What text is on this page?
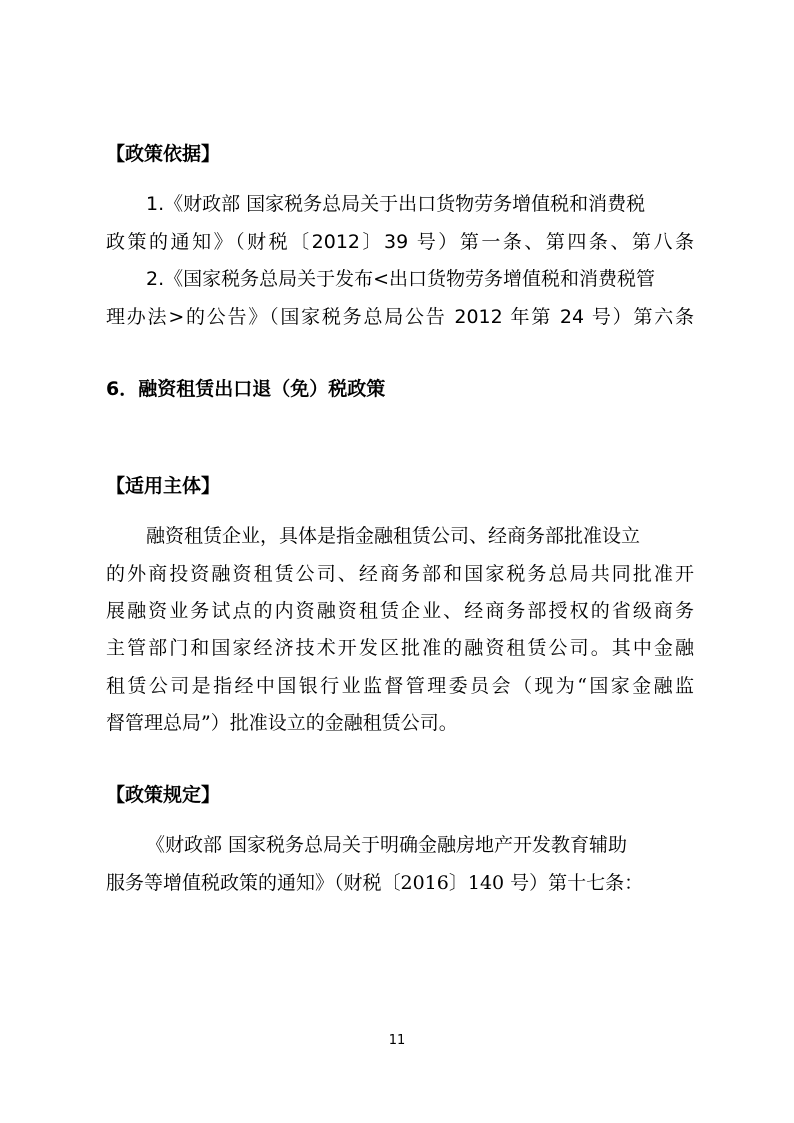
【政策依据】
1.《财政部 国家税务总局关于出口货物劳务增值税和消费税
政策的通知》（财税〔2012〕39 号）第一条、第四条、第八条
2.《国家税务总局关于发布<出口货物劳务增值税和消费税管
理办法>的公告》（国家税务总局公告 2012 年第 24 号）第六条
6．融资租赁出口退（免）税政策
【适用主体】
融资租赁企业，具体是指金融租赁公司、经商务部批准设立
的外商投资融资租赁公司、经商务部和国家税务总局共同批准开
展融资业务试点的内资融资租赁企业、经商务部授权的省级商务
主管部门和国家经济技术开发区批准的融资租赁公司。其中金融
租赁公司是指经中国银行业监督管理委员会（现为“国家金融监
督管理总局”）批准设立的金融租赁公司。
【政策规定】
《财政部 国家税务总局关于明确金融房地产开发教育辅助
服务等增值税政策的通知》（财税〔2016〕140 号）第十七条：
11
